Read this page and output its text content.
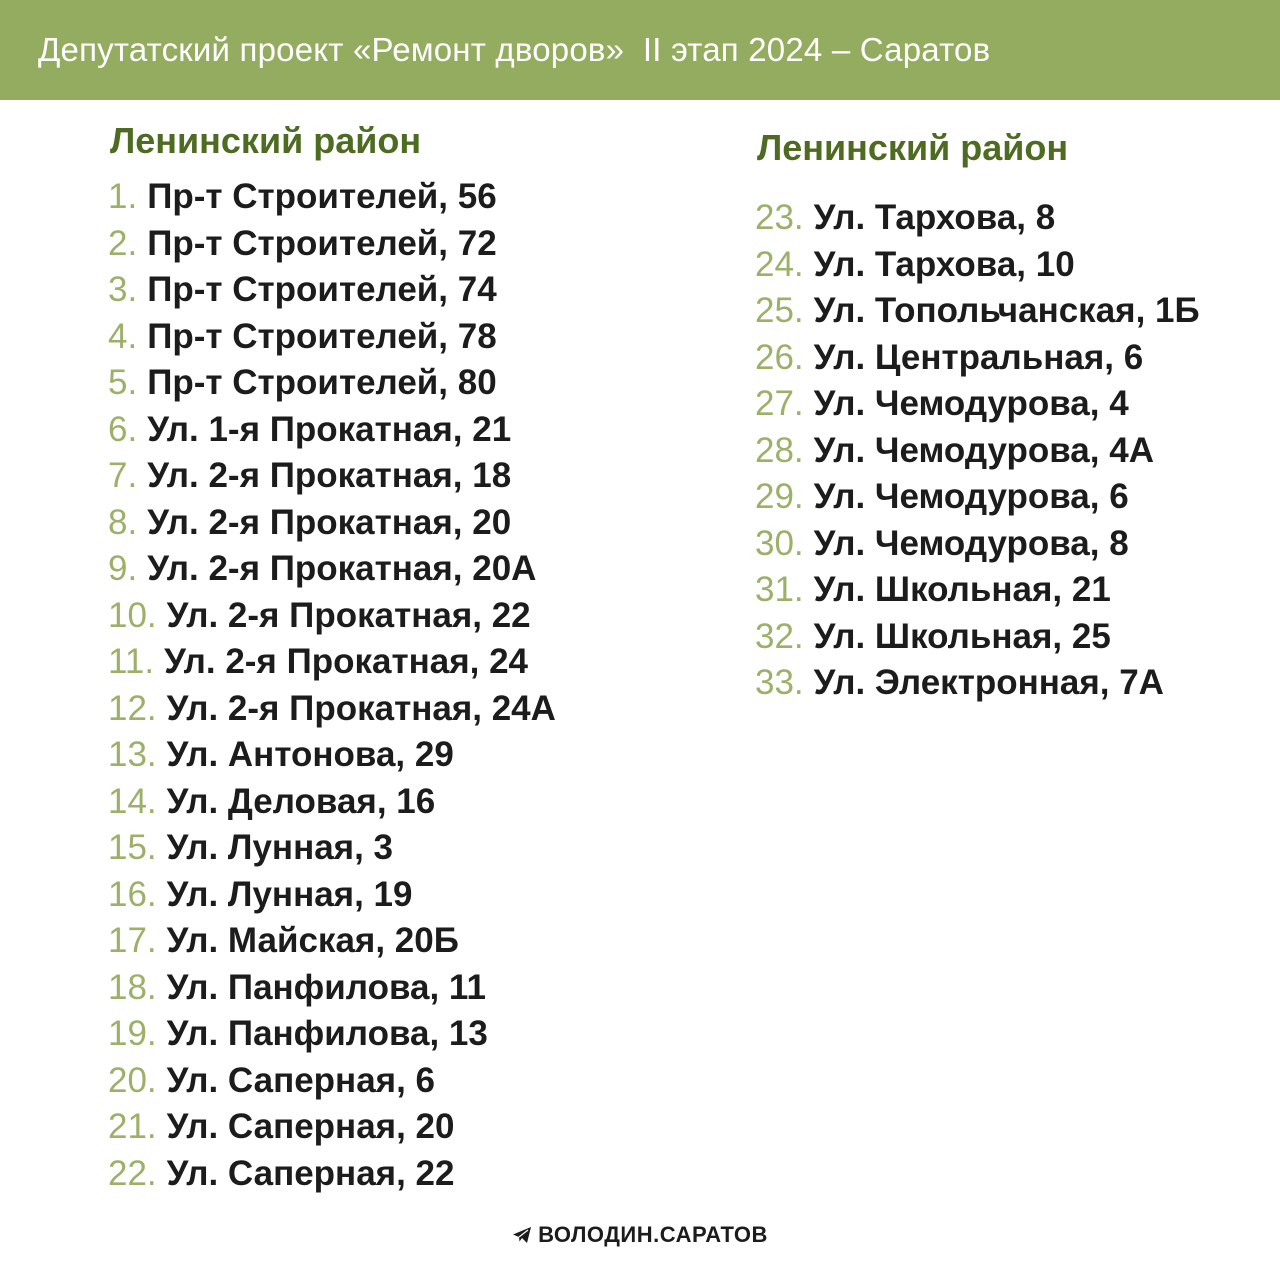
Депутатский проект «Ремонт дворов»  II этап 2024 – Саратов
Ленинский район
1. Пр-т Строителей, 56
2. Пр-т Строителей, 72
3. Пр-т Строителей, 74
4. Пр-т Строителей, 78
5. Пр-т Строителей, 80
6. Ул. 1-я Прокатная, 21
7. Ул. 2-я Прокатная, 18
8. Ул. 2-я Прокатная, 20
9. Ул. 2-я Прокатная, 20А
10. Ул. 2-я Прокатная, 22
11. Ул. 2-я Прокатная, 24
12. Ул. 2-я Прокатная, 24А
13. Ул. Антонова, 29
14. Ул. Деловая, 16
15. Ул. Лунная, 3
16. Ул. Лунная, 19
17. Ул. Майская, 20Б
18. Ул. Панфилова, 11
19. Ул. Панфилова, 13
20. Ул. Саперная, 6
21. Ул. Саперная, 20
22. Ул. Саперная, 22
Ленинский район
23. Ул. Тархова, 8
24. Ул. Тархова, 10
25. Ул. Топольчанская, 1Б
26. Ул. Центральная, 6
27. Ул. Чемодурова, 4
28. Ул. Чемодурова, 4А
29. Ул. Чемодурова, 6
30. Ул. Чемодурова, 8
31. Ул. Школьная, 21
32. Ул. Школьная, 25
33. Ул. Электронная, 7А
ВОЛОДИН.САРАТОВ
